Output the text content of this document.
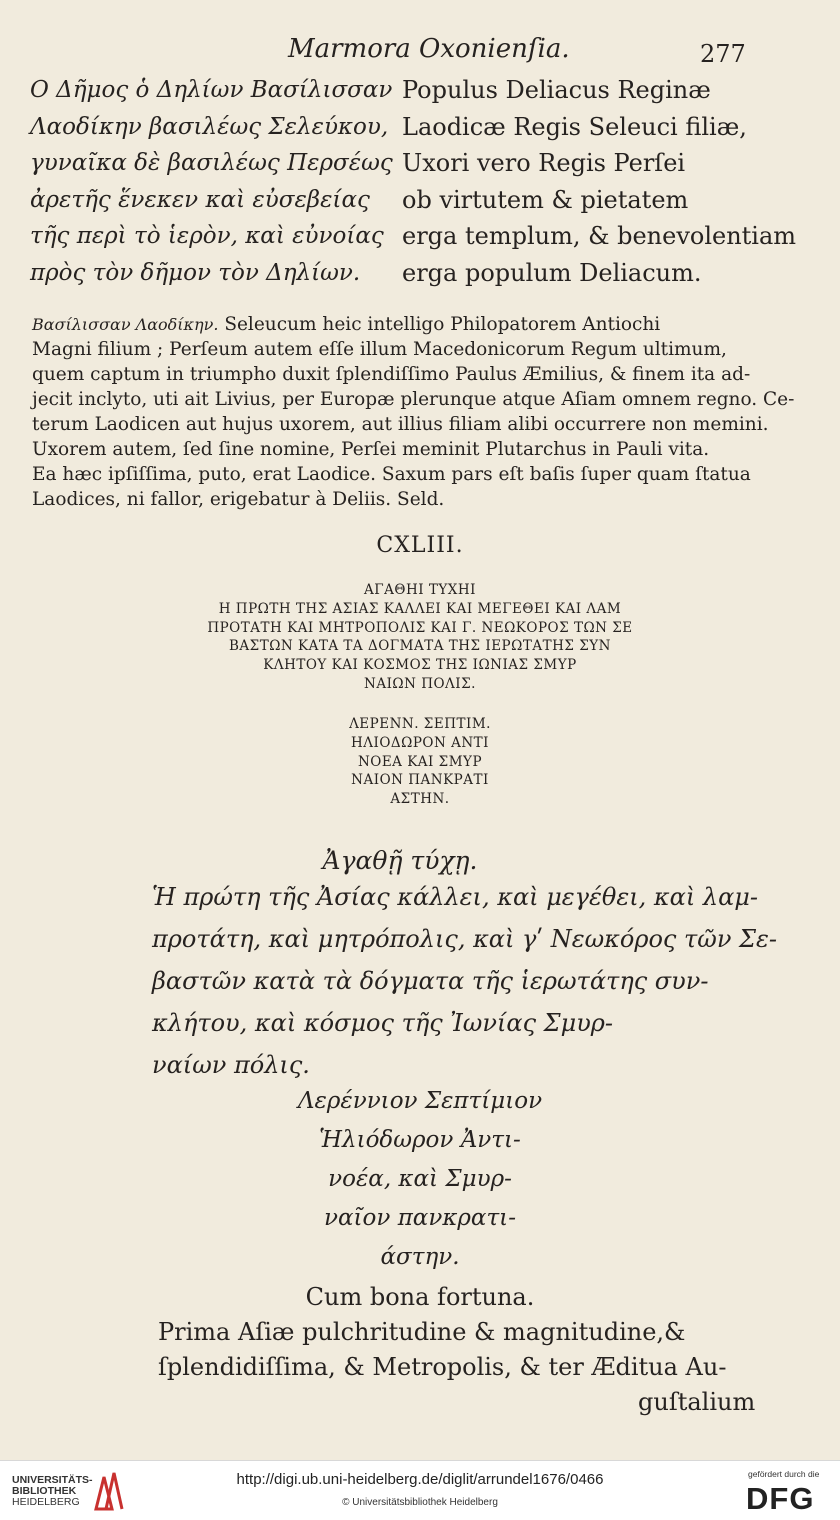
Marmora Oxonienſia.	277
Ο Δῆμος ὁ Δηλίων Βασίλισσαν
Λαοδίκην βασιλέως Σελεύκου,
γυναῖκα δὲ βασιλέως Περσέως
ἀρετῆς ἕνεκεν καὶ εὐσεβείας
τῆς περὶ τὸ ἱερὸν, καὶ εὐνοίας
πρὸς τὸν δῆμον τὸν Δηλίων.
Populus Deliacus Reginæ
Laodicæ Regis Seleuci filiæ,
Uxori vero Regis Perſei
ob virtutem & pietatem
erga templum, & benevolentiam
erga populum Deliacum.
Βασίλισσαν Λαοδίκην. Seleucum heic intelligo Philopatorem Antiochi
Magni filium ; Perſeum autem eſſe illum Macedonicorum Regum ultimum,
quem captum in triumpho duxit ſplendiſſimo Paulus Æmilius, & finem ita ad-
jecit inclyto, uti ait Livius, per Europæ plerunque atque Aſiam omnem regno. Ce-
terum Laodicen aut hujus uxorem, aut illius filiam alibi occurrere non memini.
Uxorem autem, ſed ſine nomine, Perſei meminit Plutarchus in Pauli vita.
Ea hæc ipſiſſima, puto, erat Laodice. Saxum pars eſt baſis ſuper quam ſtatua
Laodices, ni fallor, erigebatur à Deliis. Seld.
CXLIII.
ΑΓΑΘΗΙ ΤΥΧΗΙ
Η ΠΡΩΤΗ ΤΗΣ ΑΣΙΑΣ ΚΑΛΛΕΙ ΚΑΙ ΜΕΓΕΘΕΙ ΚΑΙ ΛΑΜ
ΠΡΟΤΑΤΗ ΚΑΙ ΜΗΤΡΟΠΟΛΙΣ ΚΑΙ Γ. ΝΕΩΚΟΡΟΣ ΤΩΝ ΣΕ
ΒΑΣΤΩΝ ΚΑΤΑ ΤΑ ΔΟΓΜΑΤΑ ΤΗΣ ΙΕΡΩΤΑΤΗΣ ΣΥΝ
ΚΛΗΤΟΥ ΚΑΙ ΚΟΣΜΟΣ ΤΗΣ ΙΩΝΙΑΣ ΣΜΥΡ
ΝΑΙΩΝ ΠΟΛΙΣ.
ΛΕΡΕΝΝ. ΣΕΠΤΙΜ.
ΗΛΙΟΔΩΡΟΝ ΑΝΤΙ
ΝΟΕΑ ΚΑΙ ΣΜΥΡ
ΝΑΙΟΝ ΠΑΝΚΡΑΤΙ
ΑΣΤΗΝ.
Ἀγαθῇ τύχῃ.
Ἡ πρώτη τῆς Ἀσίας κάλλει, καὶ μεγέθει, καὶ λαμ-
προτάτη, καὶ μητρόπολις, καὶ γʹ Νεωκόρος τῶν Σε-
βαστῶν κατὰ τὰ δόγματα τῆς ἱερωτάτης συν-
κλήτου, καὶ κόσμος τῆς Ἰωνίας Σμυρ-
ναίων πόλις.
Λερέννιον Σεπτίμιον
Ἡλιόδωρον Ἀντι-
νοέα, καὶ Σμυρ-
ναῖον πανκρατι-
άστην.
Cum bona fortuna.
Prima Aſiæ pulchritudine & magnitudine,&
ſplendidiſſima, & Metropolis, & ter Æditua Au-
guſtalium
UNIVERSITÄTS-
BIBLIOTHEK
HEIDELBERG
http://digi.ub.uni-heidelberg.de/diglit/arrundel1676/0466
© Universitätsbibliothek Heidelberg
gefördert durch die
DFG
